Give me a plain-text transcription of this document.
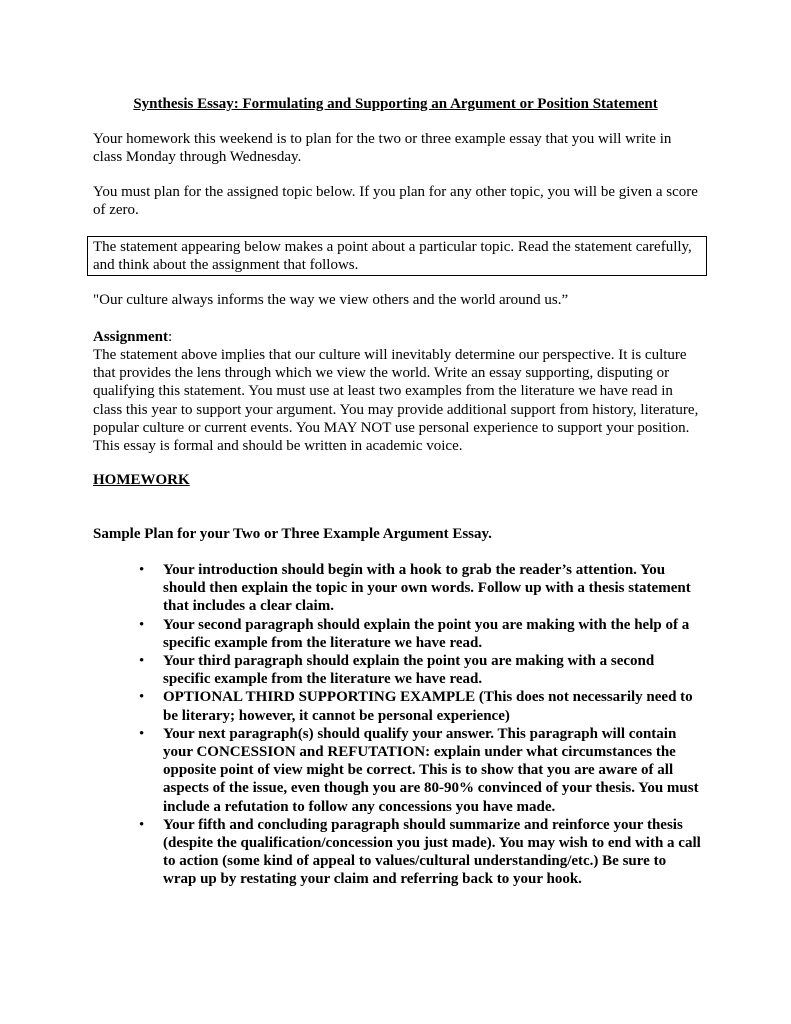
Synthesis Essay: Formulating and Supporting an Argument or Position Statement

Your homework this weekend is to plan for the two or three example essay that you will write in class Monday through Wednesday.

You must plan for the assigned topic below. If you plan for any other topic, you will be given a score of zero.

The statement appearing below makes a point about a particular topic. Read the statement carefully, and think about the assignment that follows.

"Our culture always informs the way we view others and the world around us.”

Assignment:

The statement above implies that our culture will inevitably determine our perspective. It is culture that provides the lens through which we view the world. Write an essay supporting, disputing or qualifying this statement. You must use at least two examples from the literature we have read in class this year to support your argument. You may provide additional support from history, literature, popular culture or current events. You MAY NOT use personal experience to support your position. This essay is formal and should be written in academic voice.

HOMEWORK

Sample Plan for your Two or Three Example Argument Essay.

• Your introduction should begin with a hook to grab the reader’s attention. You should then explain the topic in your own words. Follow up with a thesis statement that includes a clear claim.
• Your second paragraph should explain the point you are making with the help of a specific example from the literature we have read.
• Your third paragraph should explain the point you are making with a second specific example from the literature we have read.
• OPTIONAL THIRD SUPPORTING EXAMPLE (This does not necessarily need to be literary; however, it cannot be personal experience)
• Your next paragraph(s) should qualify your answer. This paragraph will contain your CONCESSION and REFUTATION: explain under what circumstances the opposite point of view might be correct. This is to show that you are aware of all aspects of the issue, even though you are 80-90% convinced of your thesis. You must include a refutation to follow any concessions you have made.
• Your fifth and concluding paragraph should summarize and reinforce your thesis (despite the qualification/concession you just made). You may wish to end with a call to action (some kind of appeal to values/cultural understanding/etc.) Be sure to wrap up by restating your claim and referring back to your hook.
